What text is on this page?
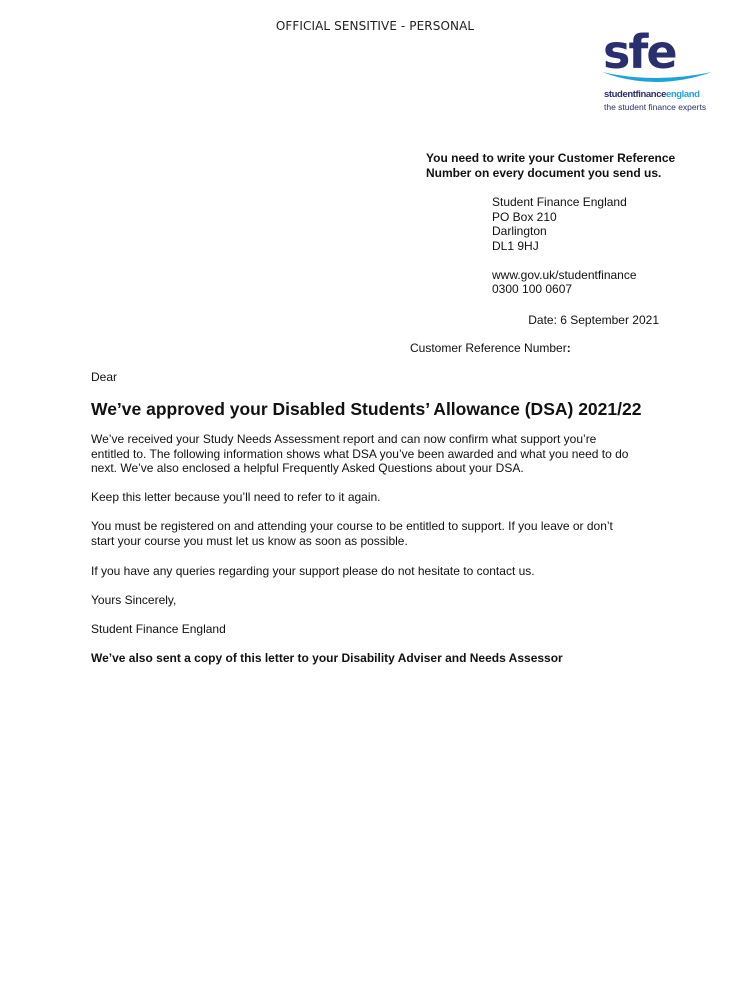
OFFICIAL SENSITIVE - PERSONAL	sfe
studentfinanceengland
the student finance experts
You need to write your Customer Reference
Number on every document you send us.
Student Finance England
PO Box 210
Darlington
DL1 9HJ
www.gov.uk/studentfinance
0300 100 0607
Date: 6 September 2021
Customer Reference Number:
Dear
We’ve approved your Disabled Students’ Allowance (DSA) 2021/22
We’ve received your Study Needs Assessment report and can now confirm what support you’re
entitled to. The following information shows what DSA you’ve been awarded and what you need to do
next. We’ve also enclosed a helpful Frequently Asked Questions about your DSA.
Keep this letter because you’ll need to refer to it again.
You must be registered on and attending your course to be entitled to support. If you leave or don’t
start your course you must let us know as soon as possible.
If you have any queries regarding your support please do not hesitate to contact us.
Yours Sincerely,
Student Finance England
We’ve also sent a copy of this letter to your Disability Adviser and Needs Assessor
